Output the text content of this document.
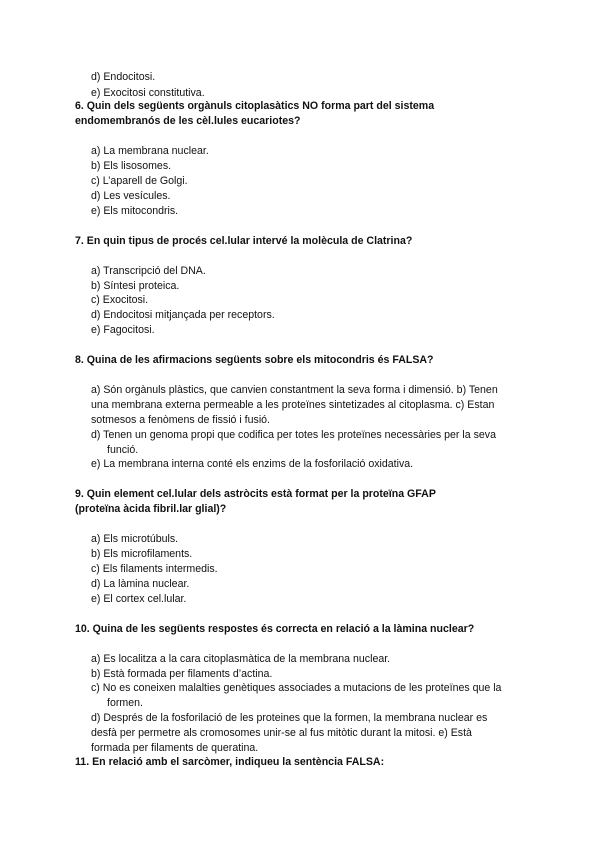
d) Endocitosi.
e) Exocitosi constitutiva.
6. Quin dels següents orgànuls citoplasàtics NO forma part del sistema
endomembranós de les cèl.lules eucariotes?
a) La membrana nuclear.
b) Els lisosomes.
c) L’aparell de Golgi.
d) Les vesícules.
e) Els mitocondris.
7. En quin tipus de procés cel.lular intervé la molècula de Clatrina?
a) Transcripció del DNA.
b) Síntesi proteica.
c) Exocitosi.
d) Endocitosi mitjançada per receptors.
e) Fagocitosi.
8. Quina de les afirmacions següents sobre els mitocondris és FALSA?
a) Són orgànuls plàstics, que canvien constantment la seva forma i dimensió. b) Tenen
una membrana externa permeable a les proteïnes sintetizades al citoplasma. c) Estan
sotmesos a fenòmens de fissió i fusió.
d) Tenen un genoma propi que codifica per totes les proteïnes necessàries per la seva
funció.
e) La membrana interna conté els enzims de la fosforilació oxidativa.
9. Quin element cel.lular dels astròcits està format per la proteïna GFAP
(proteïna àcida fibril.lar glial)?
a) Els microtúbuls.
b) Els microfilaments.
c) Els filaments intermedis.
d) La làmina nuclear.
e) El cortex cel.lular.
10. Quina de les següents respostes és correcta en relació a la làmina nuclear?
a) Es localitza a la cara citoplasmàtica de la membrana nuclear.
b) Està formada per filaments d’actina.
c) No es coneixen malalties genètiques associades a mutacions de les proteïnes que la
formen.
d) Després de la fosforilació de les proteines que la formen, la membrana nuclear es
desfà per permetre als cromosomes unir-se al fus mitòtic durant la mitosi. e) Està
formada per filaments de queratina.
11. En relació amb el sarcòmer, indiqueu la sentència FALSA:
